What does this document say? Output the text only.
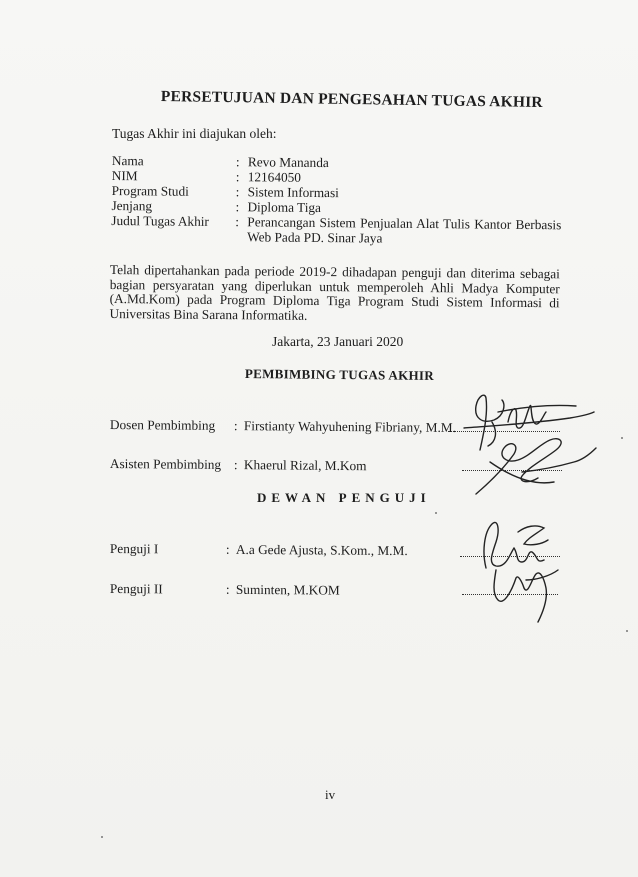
PERSETUJUAN DAN PENGESAHAN TUGAS AKHIR
Tugas Akhir ini diajukan oleh:
Nama	: Revo Mananda
NIM	: 12164050
Program Studi	: Sistem Informasi
Jenjang	: Diploma Tiga
Judul Tugas Akhir	: Perancangan Sistem Penjualan Alat Tulis Kantor Berbasis Web Pada PD. Sinar Jaya
Telah dipertahankan pada periode 2019-2 dihadapan penguji dan diterima sebagai bagian persyaratan yang diperlukan untuk memperoleh Ahli Madya Komputer (A.Md.Kom) pada Program Diploma Tiga Program Studi Sistem Informasi di Universitas Bina Sarana Informatika.
Jakarta, 23 Januari 2020
PEMBIMBING TUGAS AKHIR
Dosen Pembimbing : Firstianty Wahyuhening Fibriany, M.M.
Asisten Pembimbing : Khaerul Rizal, M.Kom
DEWAN PENGUJI
Penguji I	: A.a Gede Ajusta, S.Kom., M.M.
Penguji II	: Suminten, M.KOM
iv
